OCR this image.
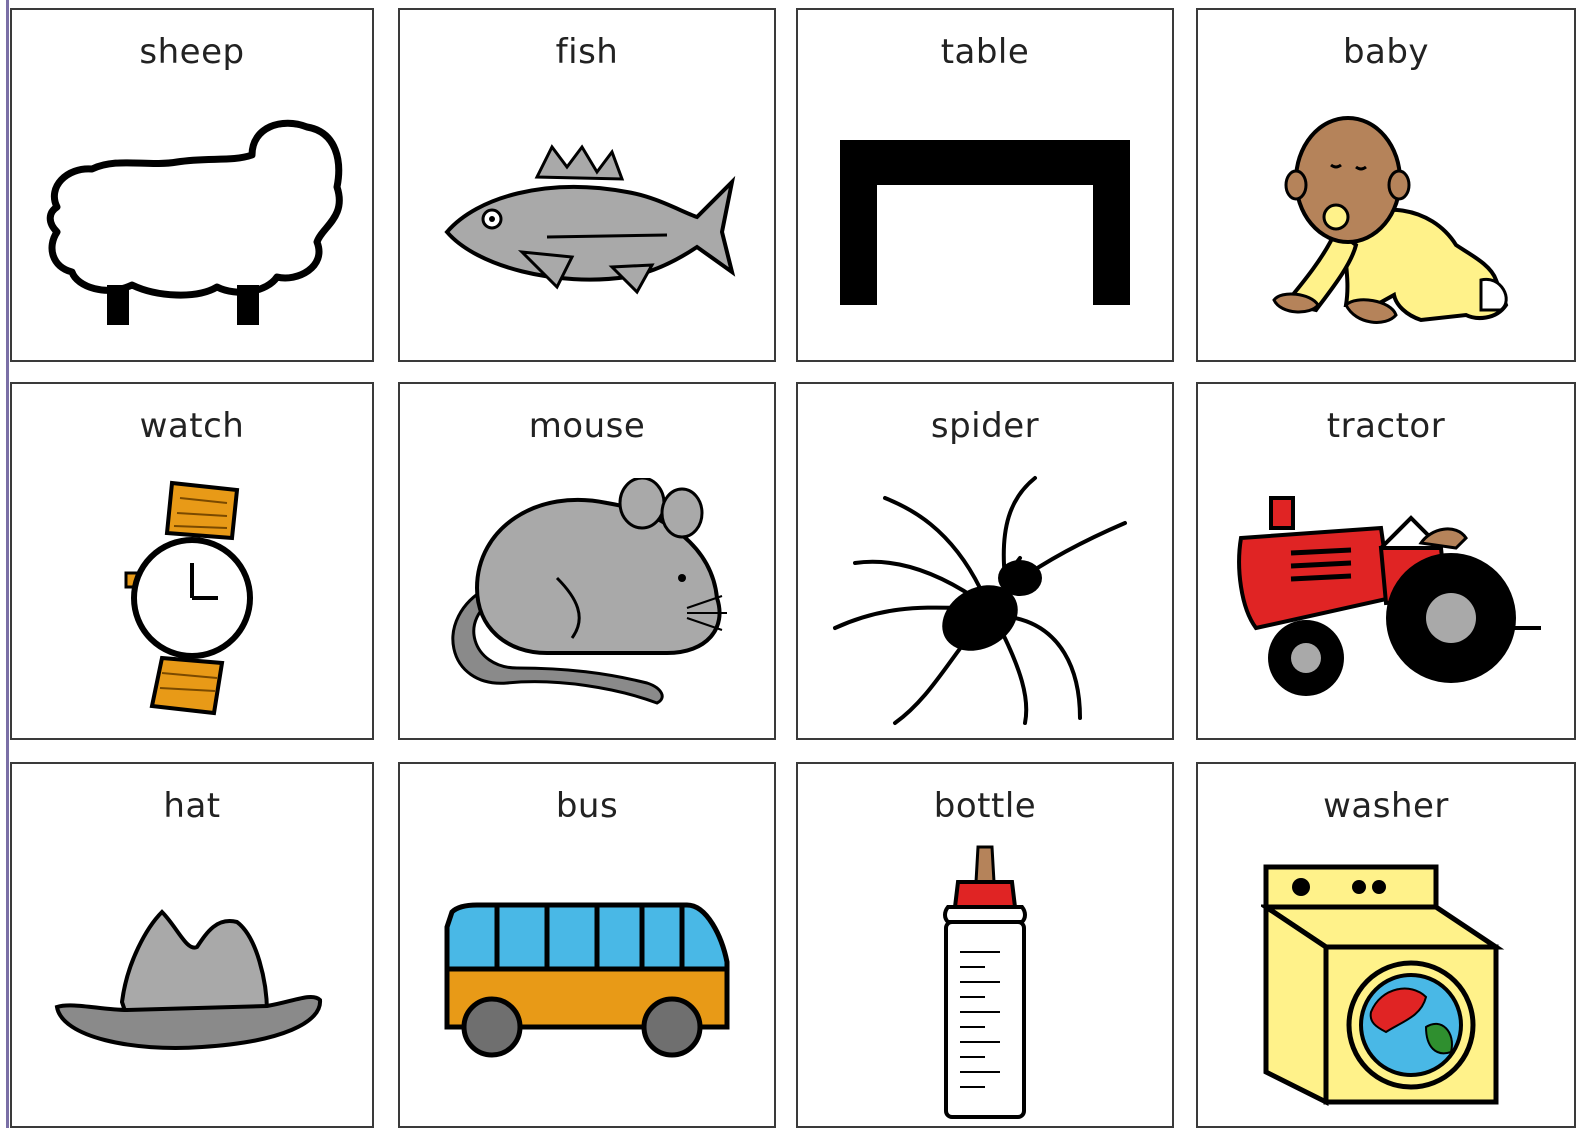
sheep	fish	table	baby
watch	mouse	spider	tractor
hat	bus	bottle	washer
